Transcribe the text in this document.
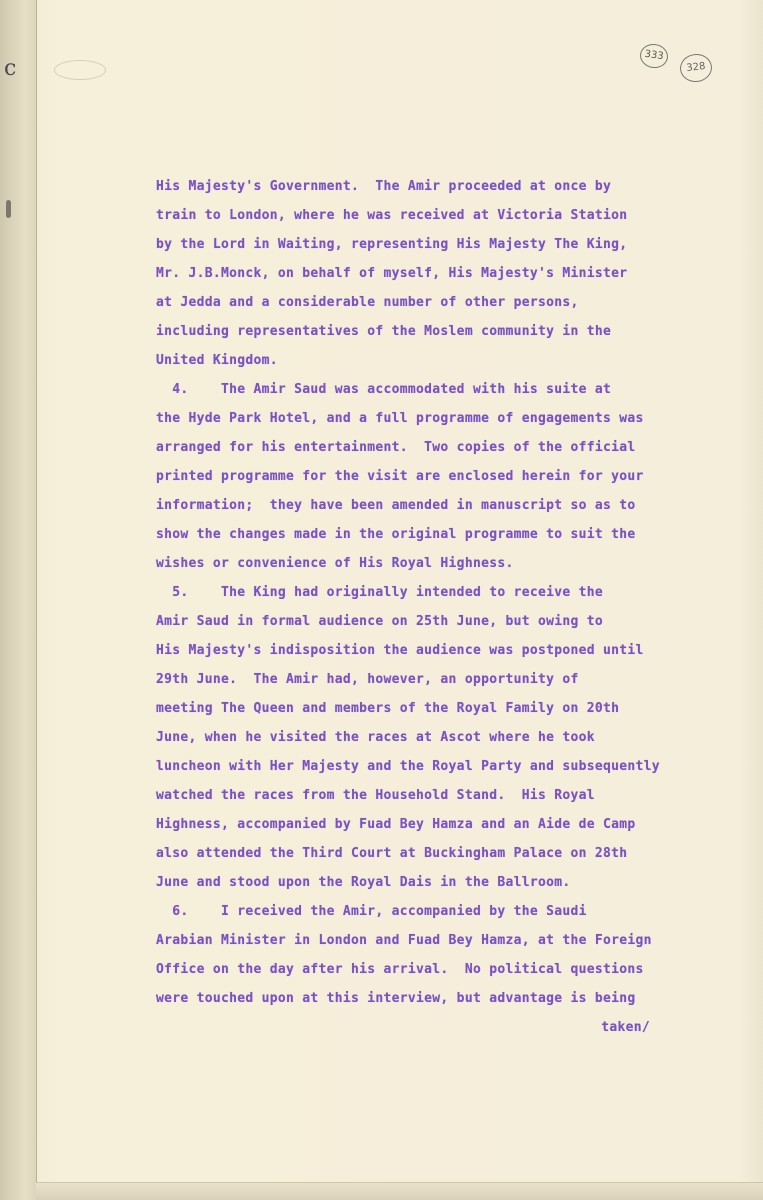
c
333
328
His Majesty's Government.  The Amir proceeded at once by
train to London, where he was received at Victoria Station
by the Lord in Waiting, representing His Majesty The King,
Mr. J.B.Monck, on behalf of myself, His Majesty's Minister
at Jedda and a considerable number of other persons,
including representatives of the Moslem community in the
United Kingdom.
4.    The Amir Saud was accommodated with his suite at
the Hyde Park Hotel, and a full programme of engagements was
arranged for his entertainment.  Two copies of the official
printed programme for the visit are enclosed herein for your
information;  they have been amended in manuscript so as to
show the changes made in the original programme to suit the
wishes or convenience of His Royal Highness.
5.    The King had originally intended to receive the
Amir Saud in formal audience on 25th June, but owing to
His Majesty's indisposition the audience was postponed until
29th June.  The Amir had, however, an opportunity of
meeting The Queen and members of the Royal Family on 20th
June, when he visited the races at Ascot where he took
luncheon with Her Majesty and the Royal Party and subsequently
watched the races from the Household Stand.  His Royal
Highness, accompanied by Fuad Bey Hamza and an Aide de Camp
also attended the Third Court at Buckingham Palace on 28th
June and stood upon the Royal Dais in the Ballroom.
6.    I received the Amir, accompanied by the Saudi
Arabian Minister in London and Fuad Bey Hamza, at the Foreign
Office on the day after his arrival.  No political questions
were touched upon at this interview, but advantage is being
taken/
